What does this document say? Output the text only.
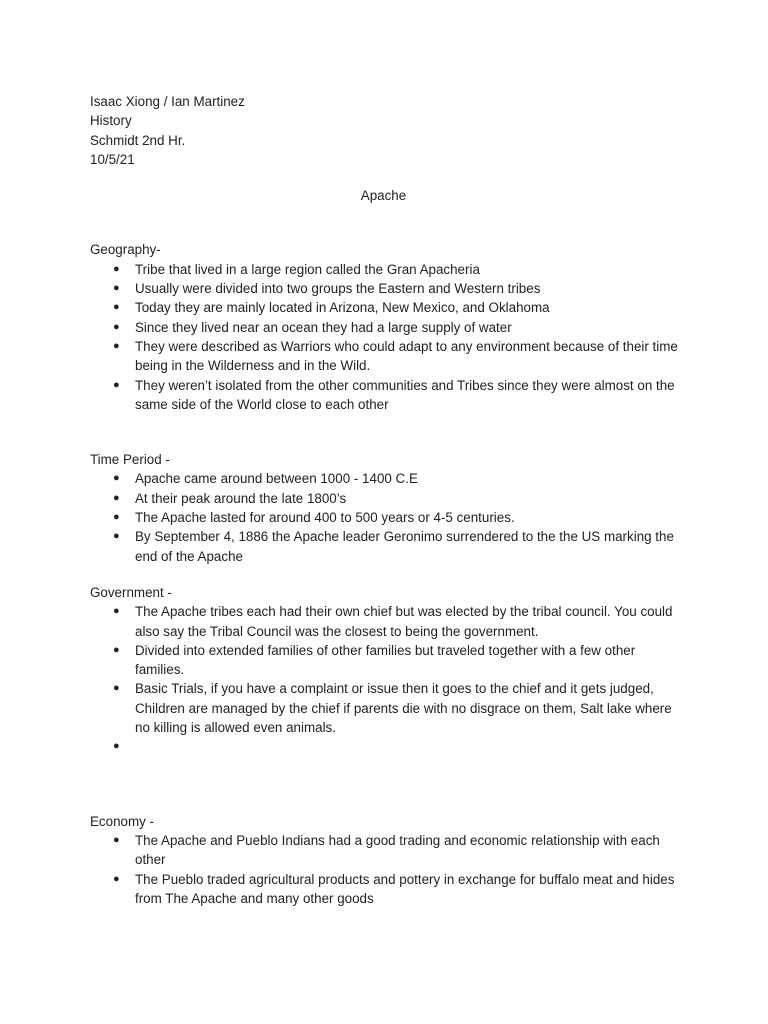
Isaac Xiong / Ian Martinez
History
Schmidt 2nd Hr.
10/5/21
Apache
Geography-
● Tribe that lived in a large region called the Gran Apacheria
● Usually were divided into two groups the Eastern and Western tribes
● Today they are mainly located in Arizona, New Mexico, and Oklahoma
● Since they lived near an ocean they had a large supply of water
● They were described as Warriors who could adapt to any environment because of their time being in the Wilderness and in the Wild.
● They weren’t isolated from the other communities and Tribes since they were almost on the same side of the World close to each other
Time Period -
● Apache came around between 1000 - 1400 C.E
● At their peak around the late 1800’s
● The Apache lasted for around 400 to 500 years or 4-5 centuries.
● By September 4, 1886 the Apache leader Geronimo surrendered to the the US marking the end of the Apache
Government -
● The Apache tribes each had their own chief but was elected by the tribal council. You could also say the Tribal Council was the closest to being the government.
● Divided into extended families of other families but traveled together with a few other families.
● Basic Trials, if you have a complaint or issue then it goes to the chief and it gets judged, Children are managed by the chief if parents die with no disgrace on them, Salt lake where no killing is allowed even animals.
●
Economy -
● The Apache and Pueblo Indians had a good trading and economic relationship with each other
● The Pueblo traded agricultural products and pottery in exchange for buffalo meat and hides from The Apache and many other goods
